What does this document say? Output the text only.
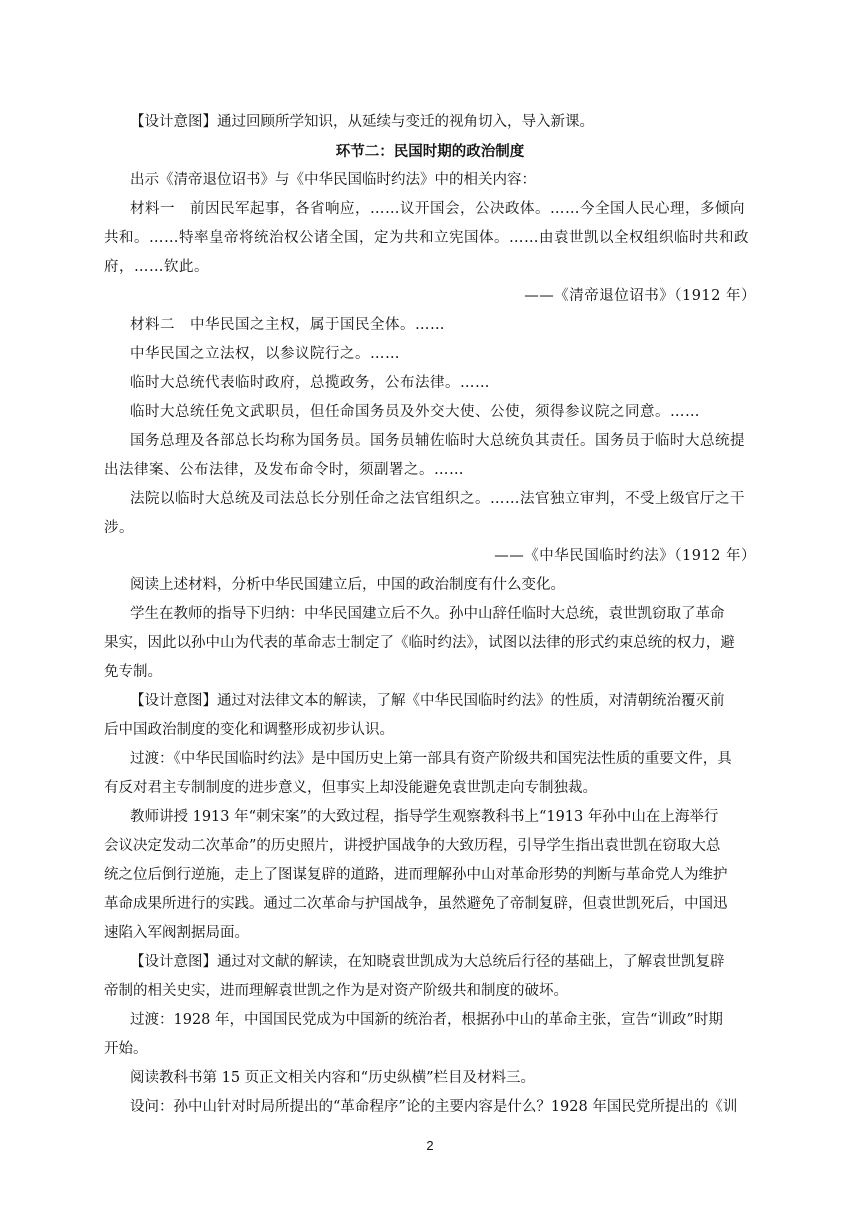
【设计意图】通过回顾所学知识，从延续与变迁的视角切入，导入新课。
环节二：民国时期的政治制度
出示《清帝退位诏书》与《中华民国临时约法》中的相关内容：
材料一　前因民军起事，各省响应，……议开国会，公决政体。……今全国人民心理，多倾向
共和。……特率皇帝将统治权公诸全国，定为共和立宪国体。……由袁世凯以全权组织临时共和政
府，……钦此。
——《清帝退位诏书》（1912 年）
材料二　中华民国之主权，属于国民全体。……
中华民国之立法权，以参议院行之。……
临时大总统代表临时政府，总揽政务，公布法律。……
临时大总统任免文武职员，但任命国务员及外交大使、公使，须得参议院之同意。……
国务总理及各部总长均称为国务员。国务员辅佐临时大总统负其责任。国务员于临时大总统提
出法律案、公布法律，及发布命令时，须副署之。……
法院以临时大总统及司法总长分别任命之法官组织之。……法官独立审判，不受上级官厅之干
涉。
——《中华民国临时约法》（1912 年）
阅读上述材料，分析中华民国建立后，中国的政治制度有什么变化。
学生在教师的指导下归纳：中华民国建立后不久。孙中山辞任临时大总统，袁世凯窃取了革命
果实，因此以孙中山为代表的革命志士制定了《临时约法》，试图以法律的形式约束总统的权力，避
免专制。
【设计意图】通过对法律文本的解读，了解《中华民国临时约法》的性质，对清朝统治覆灭前
后中国政治制度的变化和调整形成初步认识。
过渡：《中华民国临时约法》是中国历史上第一部具有资产阶级共和国宪法性质的重要文件，具
有反对君主专制制度的进步意义，但事实上却没能避免袁世凯走向专制独裁。
教师讲授 1913 年“刺宋案”的大致过程，指导学生观察教科书上“1913 年孙中山在上海举行
会议决定发动二次革命”的历史照片，讲授护国战争的大致历程，引导学生指出袁世凯在窃取大总
统之位后倒行逆施，走上了图谋复辟的道路，进而理解孙中山对革命形势的判断与革命党人为维护
革命成果所进行的实践。通过二次革命与护国战争，虽然避免了帝制复辟，但袁世凯死后，中国迅
速陷入军阀割据局面。
【设计意图】通过对文献的解读，在知晓袁世凯成为大总统后行径的基础上，了解袁世凯复辟
帝制的相关史实，进而理解袁世凯之作为是对资产阶级共和制度的破坏。
过渡：1928 年，中国国民党成为中国新的统治者，根据孙中山的革命主张，宣告“训政”时期
开始。
阅读教科书第 15 页正文相关内容和“历史纵横”栏目及材料三。
设问：孙中山针对时局所提出的“革命程序”论的主要内容是什么？1928 年国民党所提出的《训
2
